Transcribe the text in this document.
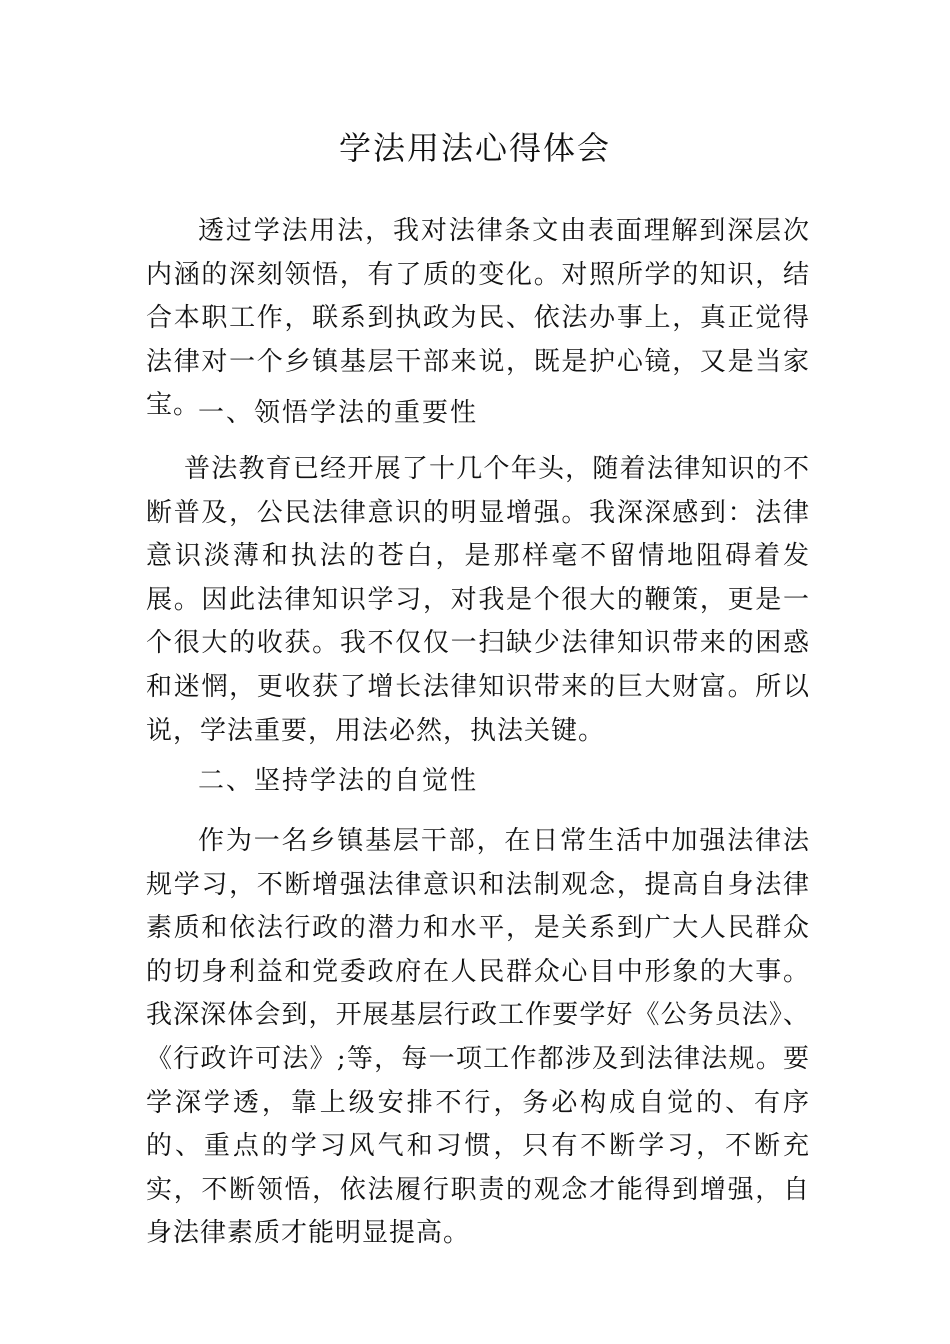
学法用法心得体会

透过学法用法，我对法律条文由表面理解到深层次内涵的深刻领悟，有了质的变化。对照所学的知识，结合本职工作，联系到执政为民、依法办事上，真正觉得法律对一个乡镇基层干部来说，既是护心镜，又是当家宝。

一、领悟学法的重要性

普法教育已经开展了十几个年头，随着法律知识的不断普及，公民法律意识的明显增强。我深深感到：法律意识淡薄和执法的苍白，是那样毫不留情地阻碍着发展。因此法律知识学习，对我是个很大的鞭策，更是一个很大的收获。我不仅仅一扫缺少法律知识带来的困惑和迷惘，更收获了增长法律知识带来的巨大财富。所以说，学法重要，用法必然，执法关键。

二、坚持学法的自觉性

作为一名乡镇基层干部，在日常生活中加强法律法规学习，不断增强法律意识和法制观念，提高自身法律素质和依法行政的潜力和水平，是关系到广大人民群众的切身利益和党委政府在人民群众心目中形象的大事。我深深体会到，开展基层行政工作要学好《公务员法》、《行政许可法》;等，每一项工作都涉及到法律法规。要学深学透，靠上级安排不行，务必构成自觉的、有序的、重点的学习风气和习惯，只有不断学习，不断充实，不断领悟，依法履行职责的观念才能得到增强，自身法律素质才能明显提高。
